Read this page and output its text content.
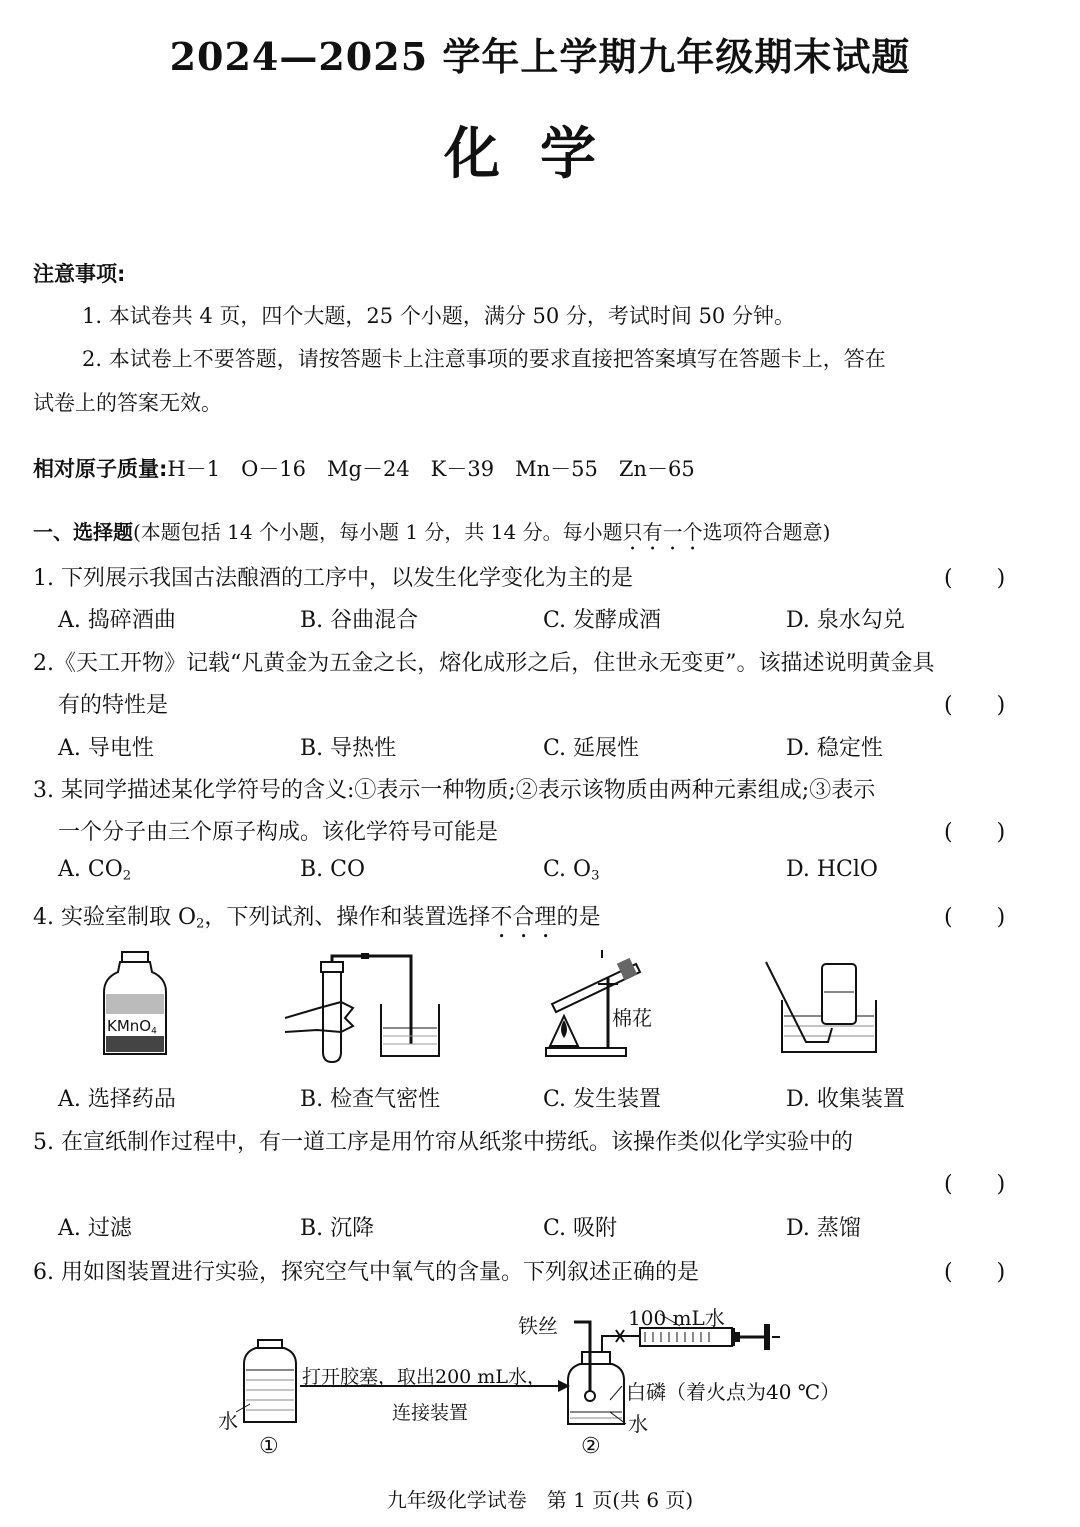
2024—2025 学年上学期九年级期末试题
化学
注意事项:
1. 本试卷共 4 页，四个大题，25 个小题，满分 50 分，考试时间 50 分钟。
2. 本试卷上不要答题，请按答题卡上注意事项的要求直接把答案填写在答题卡上，答在
试卷上的答案无效。
相对原子质量:H－1　O－16　Mg－24　K－39　Mn－55　Zn－65
一、选择题(本题包括 14 个小题，每小题 1 分，共 14 分。每小题只有一个选项符合题意)
1. 下列展示我国古法酿酒的工序中，以发生化学变化为主的是	(　　)
A. 捣碎酒曲	B. 谷曲混合	C. 发酵成酒	D. 泉水勾兑
2.《天工开物》记载“凡黄金为五金之长，熔化成形之后，住世永无变更”。该描述说明黄金具
有的特性是	(　　)
A. 导电性	B. 导热性	C. 延展性	D. 稳定性
3. 某同学描述某化学符号的含义:①表示一种物质;②表示该物质由两种元素组成;③表示
一个分子由三个原子构成。该化学符号可能是	(　　)
A. $CO_2$	B. CO	C. $O_3$	D. HClO
4. 实验室制取 $O_2$，下列试剂、操作和装置选择不合理的是	(　　)
KMnO$_4$
棉花
A. 选择药品	B. 检查气密性	C. 发生装置	D. 收集装置
5. 在宣纸制作过程中，有一道工序是用竹帘从纸浆中捞纸。该操作类似化学实验中的
(　　)
A. 过滤	B. 沉降	C. 吸附	D. 蒸馏
6. 用如图装置进行实验，探究空气中氧气的含量。下列叙述正确的是	(　　)
水
打开胶塞，取出200 mL水，
连接装置
铁丝	100 mL水
白磷（着火点为40 ℃）
水
①	②
九年级化学试卷　第 1 页(共 6 页)
